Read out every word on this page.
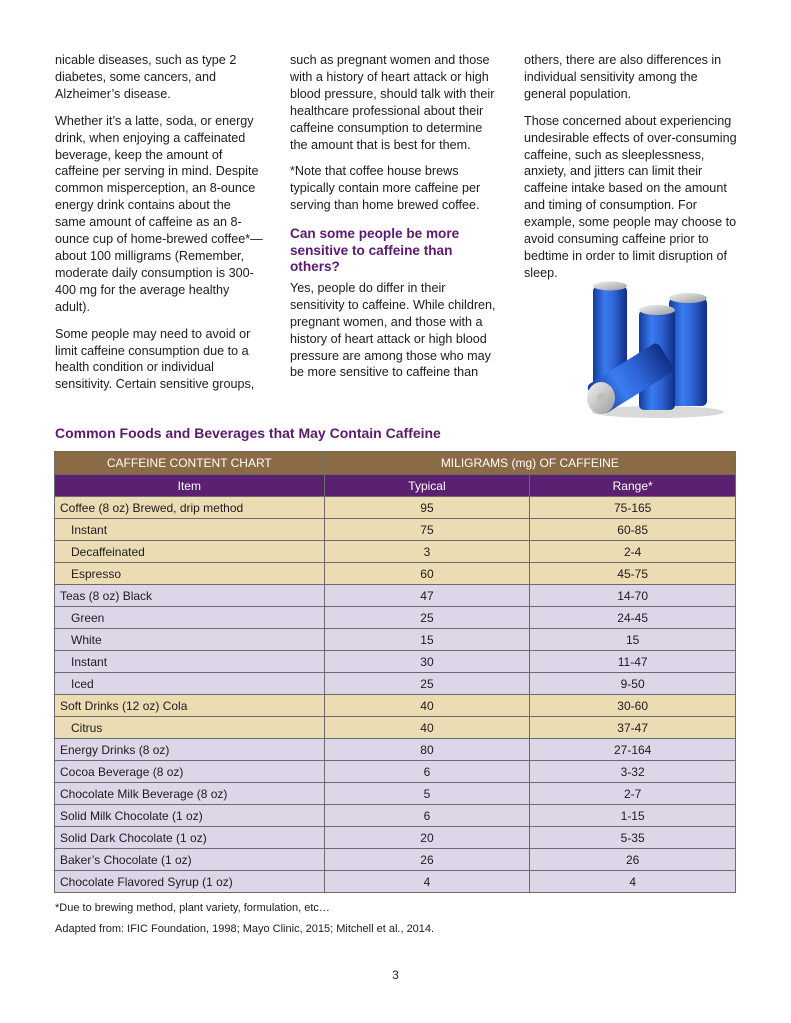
nicable diseases, such as type 2 diabetes, some cancers, and Alzheimer’s disease.

Whether it’s a latte, soda, or energy drink, when enjoying a caffeinated beverage, keep the amount of caffeine per serving in mind. Despite common misperception, an 8-ounce energy drink contains about the same amount of caffeine as an 8-ounce cup of home-brewed coffee*—about 100 milligrams (Remember, moderate daily consumption is 300-400 mg for the average healthy adult).

Some people may need to avoid or limit caffeine consumption due to a health condition or individual sensitivity. Certain sensitive groups,

such as pregnant women and those with a history of heart attack or high blood pressure, should talk with their healthcare professional about their caffeine consumption to determine the amount that is best for them.

*Note that coffee house brews typically contain more caffeine per serving than home brewed coffee.

Can some people be more sensitive to caffeine than others?

Yes, people do differ in their sensitivity to caffeine. While children, pregnant women, and those with a history of heart attack or high blood pressure are among those who may be more sensitive to caffeine than

others, there are also differences in individual sensitivity among the general population.

Those concerned about experiencing undesirable effects of over-consuming caffeine, such as sleeplessness, anxiety, and jitters can limit their caffeine intake based on the amount and timing of consumption. For example, some people may choose to avoid consuming caffeine prior to bedtime in order to limit disruption of sleep.

Common Foods and Beverages that May Contain Caffeine
CAFFEINE CONTENT CHART	MILIGRAMS (mg) OF CAFFEINE	
Item	Typical	Range*
Coffee (8 oz) Brewed, drip method	95	75-165
Instant	75	60-85
Decaffeinated	3	2-4
Espresso	60	45-75
Teas (8 oz) Black	47	14-70
Green	25	24-45
White	15	15
Instant	30	11-47
Iced	25	9-50
Soft Drinks (12 oz) Cola	40	30-60
Citrus	40	37-47
Energy Drinks (8 oz)	80	27-164
Cocoa Beverage (8 oz)	6	3-32
Chocolate Milk Beverage (8 oz)	5	2-7
Solid Milk Chocolate (1 oz)	6	1-15
Solid Dark Chocolate (1 oz)	20	5-35
Baker’s Chocolate (1 oz)	26	26
Chocolate Flavored Syrup (1 oz)	4	4
*Due to brewing method, plant variety, formulation, etc…
Adapted from: IFIC Foundation, 1998; Mayo Clinic, 2015; Mitchell et al., 2014.
3
